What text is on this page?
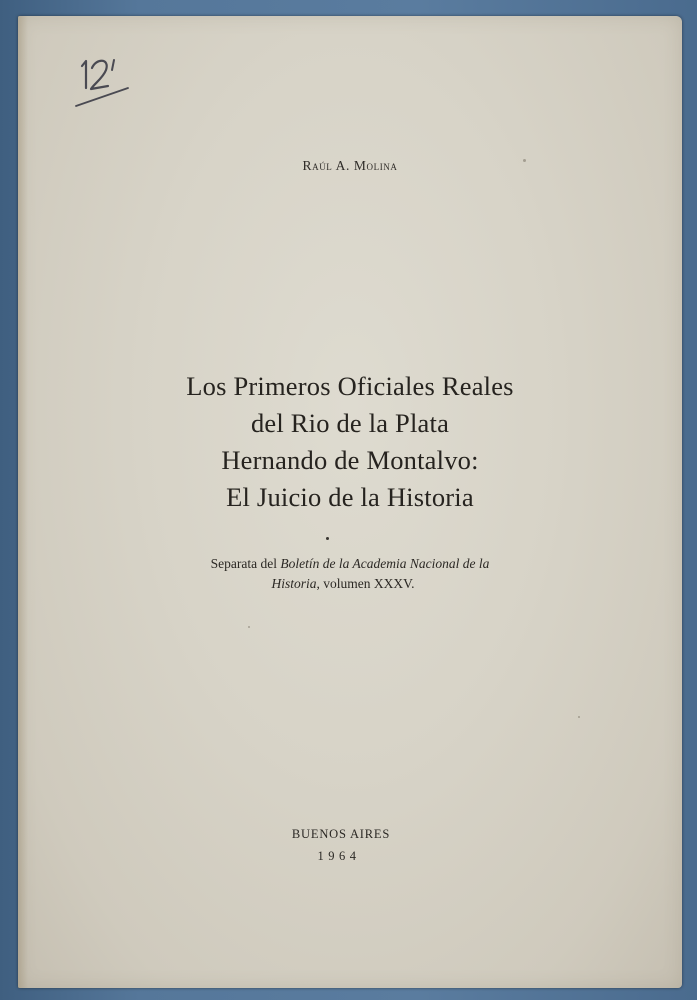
Raúl A. Molina
Los Primeros Oficiales Reales
del Rio de la Plata
Hernando de Montalvo:
El Juicio de la Historia
Separata del Boletín de la Academia Nacional de la
Historia, volumen XXXV.
BUENOS AIRES
1964
